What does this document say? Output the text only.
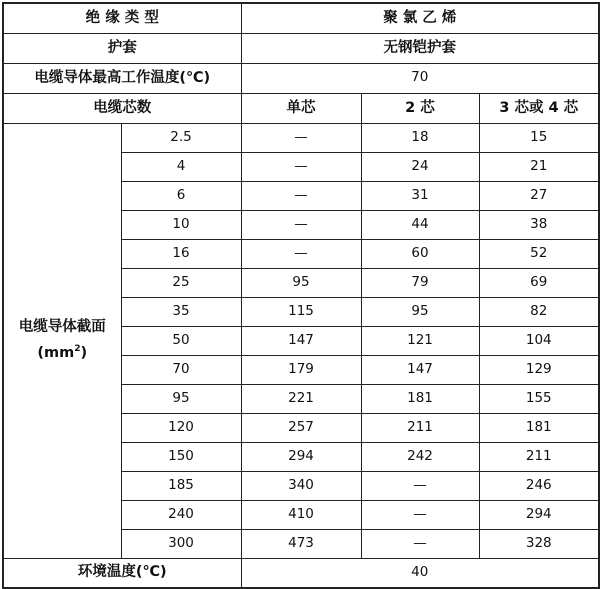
绝 缘 类 型		聚 氯 乙 烯		
护套		无钢铠护套		
电缆导体最高工作温度(℃)		70		
电缆芯数		单芯	2 芯	3 芯或 4 芯
电缆导体截面
$(mm^2)$	2.5	—	18	15
	4	—	24	21
	6	—	31	27
	10	—	44	38
	16	—	60	52
	25	95	79	69
	35	115	95	82
	50	147	121	104
	70	179	147	129
	95	221	181	155
	120	257	211	181
	150	294	242	211
	185	340	—	246
	240	410	—	294
	300	473	—	328
环境温度(℃)		40		
